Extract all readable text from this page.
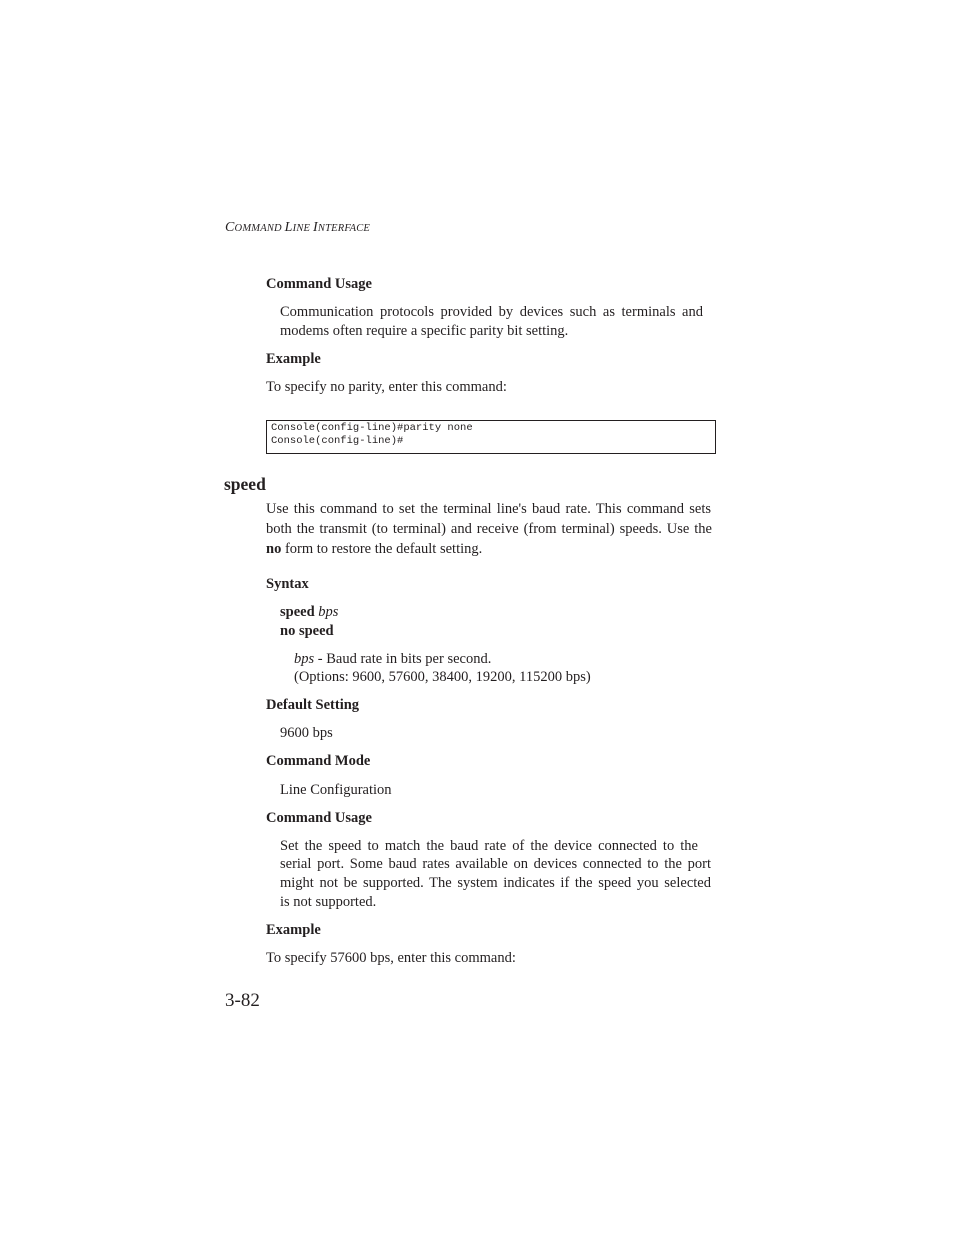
COMMAND LINE INTERFACE
Command Usage
Communication protocols provided by devices such as terminals and
modems often require a specific parity bit setting.
Example
To specify no parity, enter this command:
Console(config-line)#parity none
Console(config-line)#
speed
Use this command to set the terminal line's baud rate. This command sets
both the transmit (to terminal) and receive (from terminal) speeds. Use the
no form to restore the default setting.
Syntax
speed bps
no speed
bps - Baud rate in bits per second.
(Options: 9600, 57600, 38400, 19200, 115200 bps)
Default Setting
9600 bps
Command Mode
Line Configuration
Command Usage
Set the speed to match the baud rate of the device connected to the
serial port. Some baud rates available on devices connected to the port
might not be supported. The system indicates if the speed you selected
is not supported.
Example
To specify 57600 bps, enter this command:
3-82
